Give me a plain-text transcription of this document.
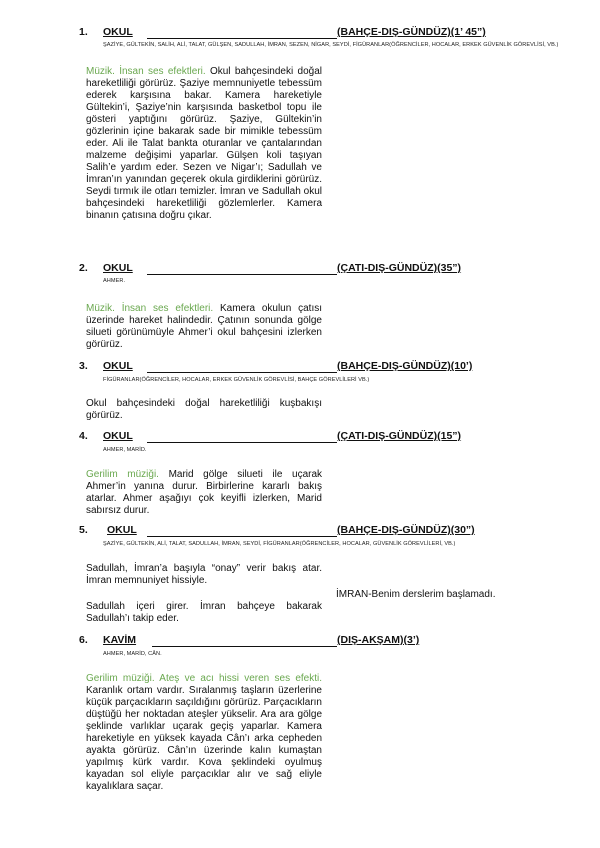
1. OKUL	(BAHÇE-DIŞ-GÜNDÜZ)(1’ 45”)
ŞAZİYE, GÜLTEKİN, SALİH, ALİ, TALAT, GÜLŞEN, SADULLAH, İMRAN, SEZEN, NİGAR, SEYDİ, FİGÜRANLAR(ÖĞRENCİLER, HOCALAR, ERKEK GÜVENLİK GÖREVLİSİ, VB.)

Müzik. İnsan ses efektleri. Okul bahçesindeki doğal hareketliliği görürüz. Şaziye memnuniyetle tebessüm ederek karşısına bakar. Kamera hareketiyle Gültekin’i, Şaziye’nin karşısında basketbol topu ile gösteri yaptığını görürüz. Şaziye, Gültekin’in gözlerinin içine bakarak sade bir mimikle tebessüm eder. Ali ile Talat bankta oturanlar ve çantalarından malzeme değişimi yaparlar. Gülşen koli taşıyan Salih’e yardım eder. Sezen ve Nigar’ı; Sadullah ve İmran’ın yanından geçerek okula girdiklerini görürüz. Seydi tırmık ile otları temizler. İmran ve Sadullah okul bahçesindeki hareketliliği gözlemlerler. Kamera binanın çatısına doğru çıkar.

2. OKUL	(ÇATI-DIŞ-GÜNDÜZ)(35”)
AHMER.

Müzik. İnsan ses efektleri. Kamera okulun çatısı üzerinde hareket halindedir. Çatının sonunda gölge silueti görünümüyle Ahmer’i okul bahçesini izlerken görürüz.

3. OKUL	(BAHÇE-DIŞ-GÜNDÜZ)(10’)
FİGÜRANLAR(ÖĞRENCİLER, HOCALAR, ERKEK GÜVENLİK GÖREVLİSİ, BAHÇE GÖREVLİLERİ VB.)

Okul bahçesindeki doğal hareketliliği kuşbakışı görürüz.

4. OKUL	(ÇATI-DIŞ-GÜNDÜZ)(15”)
AHMER, MARİD.

Gerilim müziği. Marid gölge silueti ile uçarak Ahmer’in yanına durur. Birbirlerine kararlı bakış atarlar. Ahmer aşağıyı çok keyifli izlerken, Marid sabırsız durur.

5. OKUL	(BAHÇE-DIŞ-GÜNDÜZ)(30”)
ŞAZİYE, GÜLTEKİN, ALİ, TALAT, SADULLAH, İMRAN, SEYDİ, FİGÜRANLAR(ÖĞRENCİLER, HOCALAR, GÜVENLİK GÖREVLİLERİ, VB.)

Sadullah, İmran’a başıyla “onay” verir bakış atar. İmran memnuniyet hissiyle.

Sadullah içeri girer. İmran bahçeye bakarak Sadullah’ı takip eder.

İMRAN-Benim derslerim başlamadı.
6. KAVİM	(DIŞ-AKŞAM)(3’)
AHMER, MARİD, CÂN.

Gerilim müziği. Ateş ve acı hissi veren ses efekti. Karanlık ortam vardır. Sıralanmış taşların üzerlerine küçük parçacıkların saçıldığını görürüz. Parçacıkların düştüğü her noktadan ateşler yükselir. Ara ara gölge şeklinde varlıklar uçarak geçiş yaparlar. Kamera hareketiyle en yüksek kayada Cân’ı arka cepheden ayakta görürüz. Cân’ın üzerinde kalın kumaştan yapılmış kürk vardır. Kova şeklindeki oyulmuş kayadan sol eliyle parçacıklar alır ve sağ eliyle kayalıklara saçar.
